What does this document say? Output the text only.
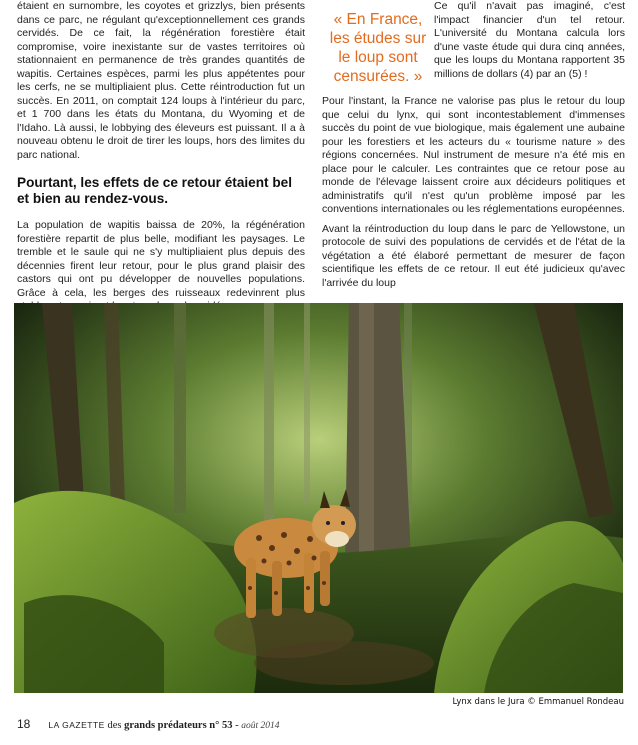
étaient en surnombre, les coyotes et grizzlys, bien présents dans ce parc, ne régulant qu'exceptionnellement ces grands cervidés. De ce fait, la régénération forestière était compromise, voire inexistante sur de vastes territoires où stationnaient en permanence de très grandes quantités de wapitis. Certaines espèces, parmi les plus appétentes pour les cerfs, ne se multipliaient plus. Cette réintroduction fut un succès. En 2011, on comptait 124 loups à l'intérieur du parc, et 1 700 dans les états du Montana, du Wyoming et de l'Idaho. Là aussi, le lobbying des éleveurs est puissant. Il a à nouveau obtenu le droit de tirer les loups, hors des limites du parc national.

Pourtant, les effets de ce retour étaient bel et bien au rendez-vous.

La population de wapitis baissa de 20%, la régénération forestière repartit de plus belle, modifiant les paysages. Le tremble et le saule qui ne s'y multipliaient plus depuis des décennies firent leur retour, pour le plus grand plaisir des castors qui ont pu développer de nouvelles populations. Grâce à cela, les berges des ruisseaux redevinrent plus

« En France, les études sur le loup sont censurées. »
Ce qu'il n'avait pas imaginé, c'est l'impact financier d'un tel retour. L'université du Montana calcula lors d'une vaste étude qui dura cinq années, que les loups du Montana rapportent 35 millions de dollars (4) par an (5) !

Pour l'instant, la France ne valorise pas plus le retour du loup que celui du lynx, qui sont incontestablement d'immenses succès du point de vue biologique, mais également une aubaine pour les forestiers et les acteurs du « tourisme nature » des régions concernées. Nul instrument de mesure n'a été mis en place pour le calculer. Les contraintes que ce retour pose au monde de l'élevage laissent croire aux décideurs politiques et administratifs qu'il n'est qu'un problème imposé par les conventions internationales ou les réglementations européennes.

Avant la réintroduction du loup dans le parc de Yellowstone, un protocole de suivi des populations de cervidés et de l'état de la végétation a été élaboré permettant de mesurer de façon scientifique les effets de ce retour. Il eut été judicieux qu'avec l'arrivée du loup

Lynx dans le Jura © Emmanuel Rondeau
18 LA GAZETTE des grands prédateurs n° 53 - août 2014
